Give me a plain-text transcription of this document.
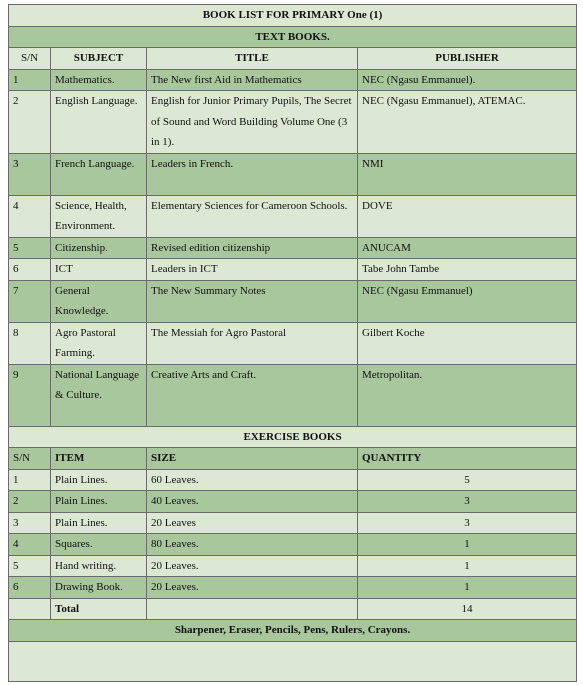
BOOK LIST FOR PRIMARY One (1)			
TEXT BOOKS.			
S/N	SUBJECT	TITLE	PUBLISHER
1	Mathematics.	The New first Aid in Mathematics	NEC (Ngasu Emmanuel).
2	English Language.	English for Junior Primary Pupils, The Secret of Sound and Word Building Volume One (3 in 1).	NEC (Ngasu Emmanuel), ATEMAC.
3	French Language.	Leaders in French.	NMI
4	Science, Health, Environment.	Elementary Sciences for Cameroon Schools.	DOVE
5	Citizenship.	Revised edition citizenship	ANUCAM
6	ICT	Leaders in ICT	Tabe John Tambe
7	General Knowledge.	The New Summary Notes	NEC (Ngasu Emmanuel)
8	Agro Pastoral Farming.	The Messiah for Agro Pastoral	Gilbert Koche
9	National Language & Culture.	Creative Arts and Craft.	Metropolitan.
EXERCISE BOOKS			
S/N	ITEM	SIZE	QUANTITY
1	Plain Lines.	60 Leaves.	5
2	Plain Lines.	40 Leaves.	3
3	Plain Lines.	20 Leaves	3
4	Squares.	80 Leaves.	1
5	Hand writing.	20 Leaves.	1
6	Drawing Book.	20 Leaves.	1
	Total		14
Sharpener, Eraser, Pencils, Pens, Rulers, Crayons.			
